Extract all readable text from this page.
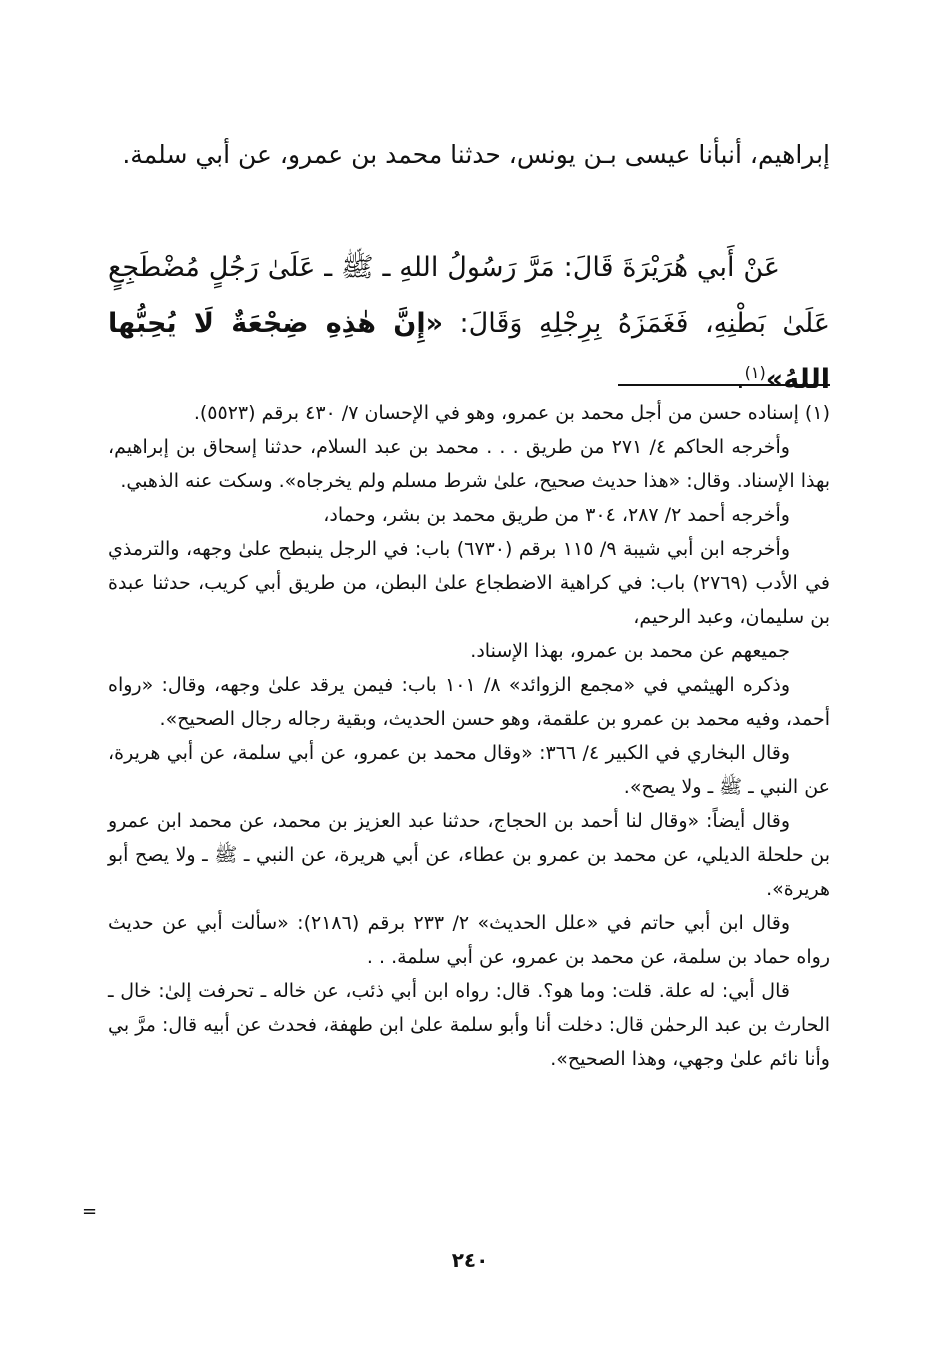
إبراهيم، أنبأنا عيسى بـن يونس، حدثنا محمد بن عمرو، عن أبي سلمة.
عَنْ أَبي هُرَيْرَةَ قَالَ: مَرَّ رَسُولُ اللهِ ـ ﷺ ـ عَلَىٰ رَجُلٍ مُضْطَجِعٍ عَلَىٰ بَطْنِهِ، فَغَمَزَهُ بِرِجْلِهِ وَقَالَ: «إِنَّ هٰذِهِ ضِجْعَةٌ لَا يُحِبُّها اللهُ»$^{(١)}$.

(١) إسناده حسن من أجل محمد بن عمرو، وهو في الإحسان ٧/ ٤٣٠ برقم (٥٥٢٣).

وأخرجه الحاكم ٤/ ٢٧١ من طريق . . . محمد بن عبد السلام، حدثنا إسحاق بن إبراهيم، بهذا الإسناد. وقال: «هذا حديث صحيح، علىٰ شرط مسلم ولم يخرجاه». وسكت عنه الذهبي.

وأخرجه أحمد ٢/ ٢٨٧، ٣٠٤ من طريق محمد بن بشر، وحماد،

وأخرجه ابن أبي شيبة ٩/ ١١٥ برقم (٦٧٣٠) باب: في الرجل ينبطح علىٰ وجهه، والترمذي في الأدب (٢٧٦٩) باب: في كراهية الاضطجاع علىٰ البطن، من طريق أبي كريب، حدثنا عبدة بن سليمان، وعبد الرحيم،

جميعهم عن محمد بن عمرو، بهذا الإسناد.

وذكره الهيثمي في «مجمع الزوائد» ٨/ ١٠١ باب: فيمن يرقد علىٰ وجهه، وقال: «رواه أحمد، وفيه محمد بن عمرو بن علقمة، وهو حسن الحديث، وبقية رجاله رجال الصحيح».

وقال البخاري في الكبير ٤/ ٣٦٦: «وقال محمد بن عمرو، عن أبي سلمة، عن أبي هريرة، عن النبي ـ ﷺ ـ ولا يصح».

وقال أيضاً: «وقال لنا أحمد بن الحجاج، حدثنا عبد العزيز بن محمد، عن محمد ابن عمرو بن حلحلة الديلي، عن محمد بن عمرو بن عطاء، عن أبي هريرة، عن النبي ـ ﷺ ـ ولا يصح أبو هريرة».

وقال ابن أبي حاتم في «علل الحديث» ٢/ ٢٣٣ برقم (٢١٨٦): «سألت أبي عن حديث رواه حماد بن سلمة، عن محمد بن عمرو، عن أبي سلمة. . .

قال أبي: له علة. قلت: وما هو؟. قال: رواه ابن أبي ذئب، عن خاله ـ تحرفت إلىٰ: خال ـ الحارث بن عبد الرحمٰن قال: دخلت أنا وأبو سلمة علىٰ ابن طهفة، فحدث عن أبيه قال: مرَّ بي وأنا نائم علىٰ وجهي، وهذا الصحيح».

=
٢٤٠
